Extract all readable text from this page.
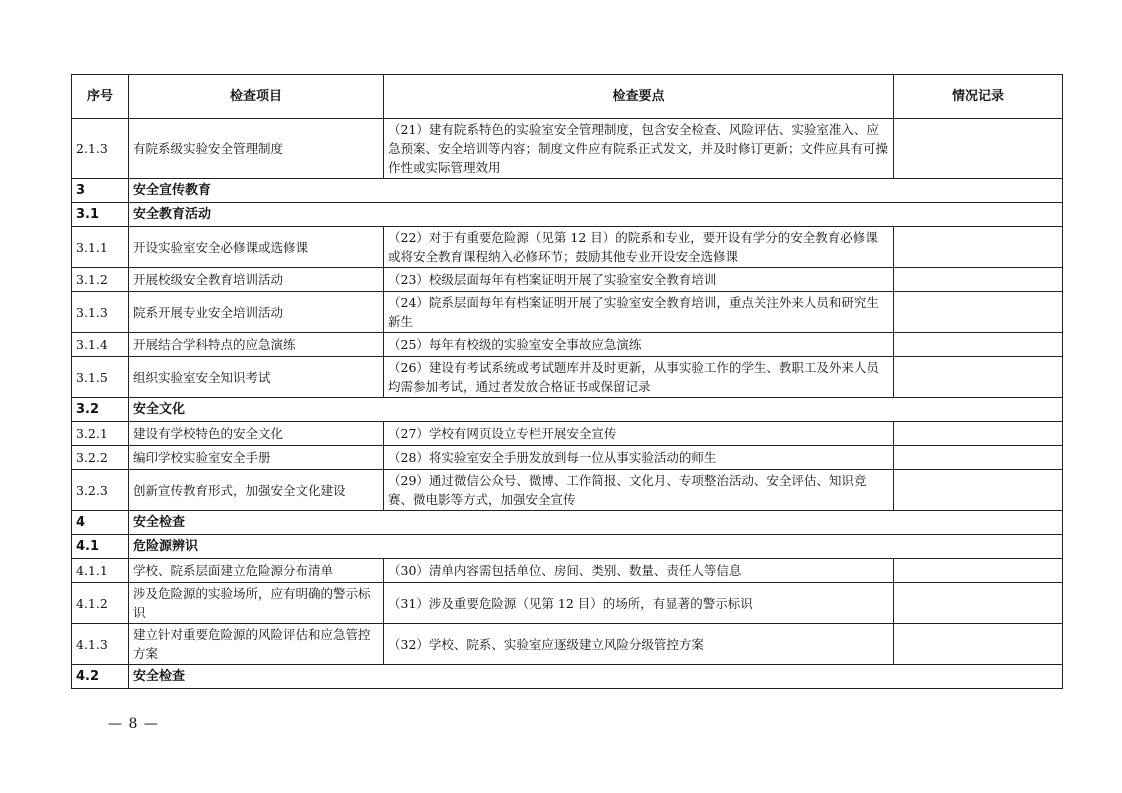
序号	检查项目	检查要点	情况记录
2.1.3	有院系级实验安全管理制度	（21）建有院系特色的实验室安全管理制度，包含安全检查、风险评估、实验室准入、应急预案、安全培训等内容；制度文件应有院系正式发文，并及时修订更新；文件应具有可操作性或实际管理效用	
3	安全宣传教育		
3.1	安全教育活动		
3.1.1	开设实验室安全必修课或选修课	（22）对于有重要危险源（见第 12 目）的院系和专业，要开设有学分的安全教育必修课或将安全教育课程纳入必修环节；鼓励其他专业开设安全选修课	
3.1.2	开展校级安全教育培训活动	（23）校级层面每年有档案证明开展了实验室安全教育培训	
3.1.3	院系开展专业安全培训活动	（24）院系层面每年有档案证明开展了实验室安全教育培训，重点关注外来人员和研究生新生	
3.1.4	开展结合学科特点的应急演练	（25）每年有校级的实验室安全事故应急演练	
3.1.5	组织实验室安全知识考试	（26）建设有考试系统或考试题库并及时更新，从事实验工作的学生、教职工及外来人员均需参加考试，通过者发放合格证书或保留记录	
3.2	安全文化		
3.2.1	建设有学校特色的安全文化	（27）学校有网页设立专栏开展安全宣传	
3.2.2	编印学校实验室安全手册	（28）将实验室安全手册发放到每一位从事实验活动的师生	
3.2.3	创新宣传教育形式，加强安全文化建设	（29）通过微信公众号、微博、工作简报、文化月、专项整治活动、安全评估、知识竞赛、微电影等方式，加强安全宣传	
4	安全检查		
4.1	危险源辨识		
4.1.1	学校、院系层面建立危险源分布清单	（30）清单内容需包括单位、房间、类别、数量、责任人等信息	
4.1.2	涉及危险源的实验场所，应有明确的警示标识	（31）涉及重要危险源（见第 12 目）的场所，有显著的警示标识	
4.1.3	建立针对重要危险源的风险评估和应急管控方案	（32）学校、院系、实验室应逐级建立风险分级管控方案	
4.2	安全检查		
— 8 —
